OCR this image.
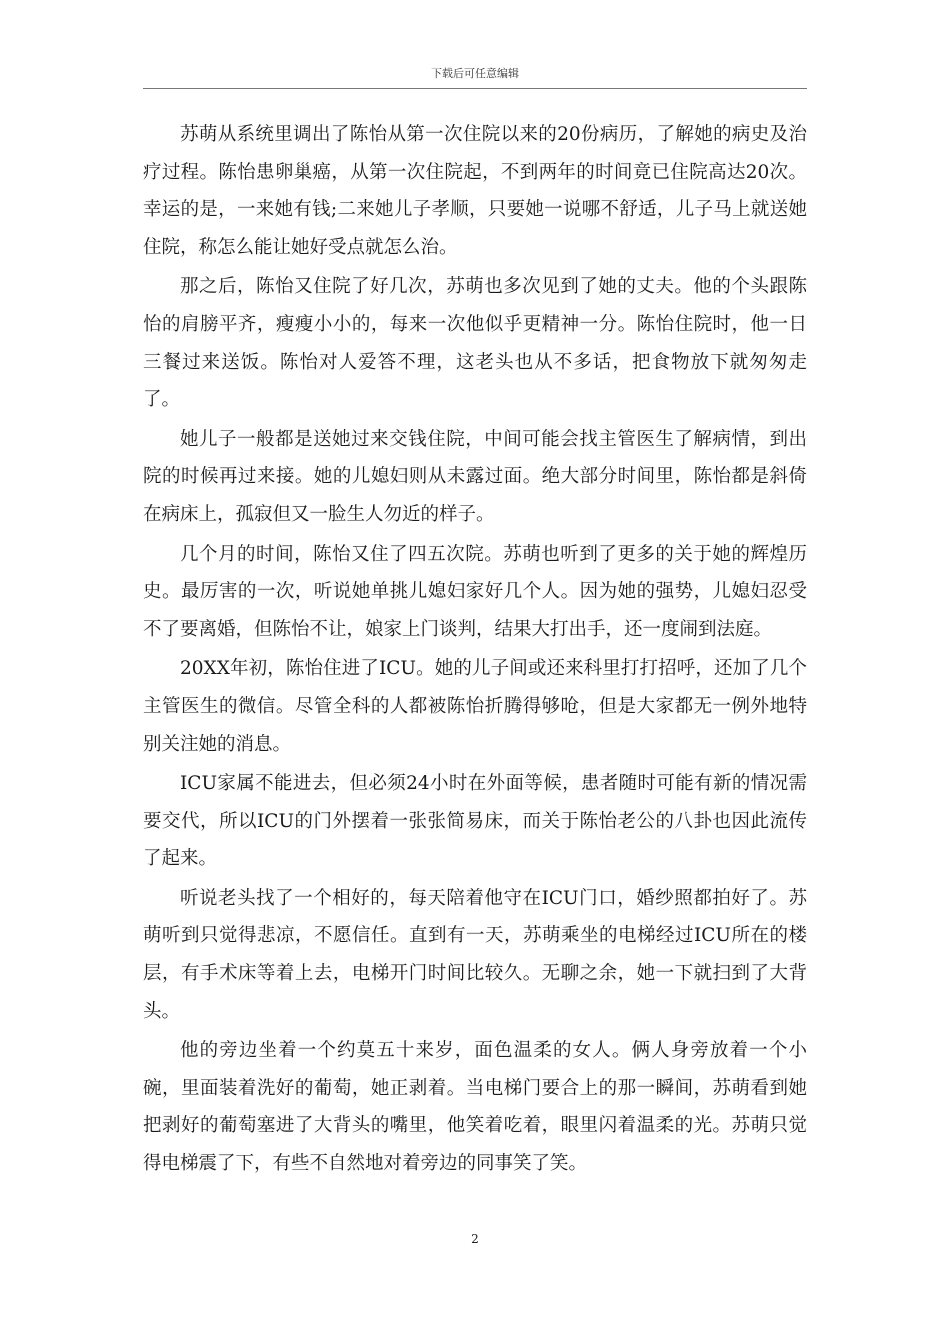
下载后可任意编辑

苏萌从系统里调出了陈怡从第一次住院以来的20份病历，了解她的病史及治疗过程。陈怡患卵巢癌，从第一次住院起，不到两年的时间竟已住院高达20次。幸运的是，一来她有钱;二来她儿子孝顺，只要她一说哪不舒适，儿子马上就送她住院，称怎么能让她好受点就怎么治。

那之后，陈怡又住院了好几次，苏萌也多次见到了她的丈夫。他的个头跟陈怡的肩膀平齐，瘦瘦小小的，每来一次他似乎更精神一分。陈怡住院时，他一日三餐过来送饭。陈怡对人爱答不理，这老头也从不多话，把食物放下就匆匆走了。

她儿子一般都是送她过来交钱住院，中间可能会找主管医生了解病情，到出院的时候再过来接。她的儿媳妇则从未露过面。绝大部分时间里，陈怡都是斜倚在病床上，孤寂但又一脸生人勿近的样子。

几个月的时间，陈怡又住了四五次院。苏萌也听到了更多的关于她的辉煌历史。最厉害的一次，听说她单挑儿媳妇家好几个人。因为她的强势，儿媳妇忍受不了要离婚，但陈怡不让，娘家上门谈判，结果大打出手，还一度闹到法庭。

20XX年初，陈怡住进了ICU。她的儿子间或还来科里打打招呼，还加了几个主管医生的微信。尽管全科的人都被陈怡折腾得够呛，但是大家都无一例外地特别关注她的消息。

ICU家属不能进去，但必须24小时在外面等候，患者随时可能有新的情况需要交代，所以ICU的门外摆着一张张简易床，而关于陈怡老公的八卦也因此流传了起来。

听说老头找了一个相好的，每天陪着他守在ICU门口，婚纱照都拍好了。苏萌听到只觉得悲凉，不愿信任。直到有一天，苏萌乘坐的电梯经过ICU所在的楼层，有手术床等着上去，电梯开门时间比较久。无聊之余，她一下就扫到了大背头。

他的旁边坐着一个约莫五十来岁，面色温柔的女人。俩人身旁放着一个小碗，里面装着洗好的葡萄，她正剥着。当电梯门要合上的那一瞬间，苏萌看到她把剥好的葡萄塞进了大背头的嘴里，他笑着吃着，眼里闪着温柔的光。苏萌只觉得电梯震了下，有些不自然地对着旁边的同事笑了笑。

2
